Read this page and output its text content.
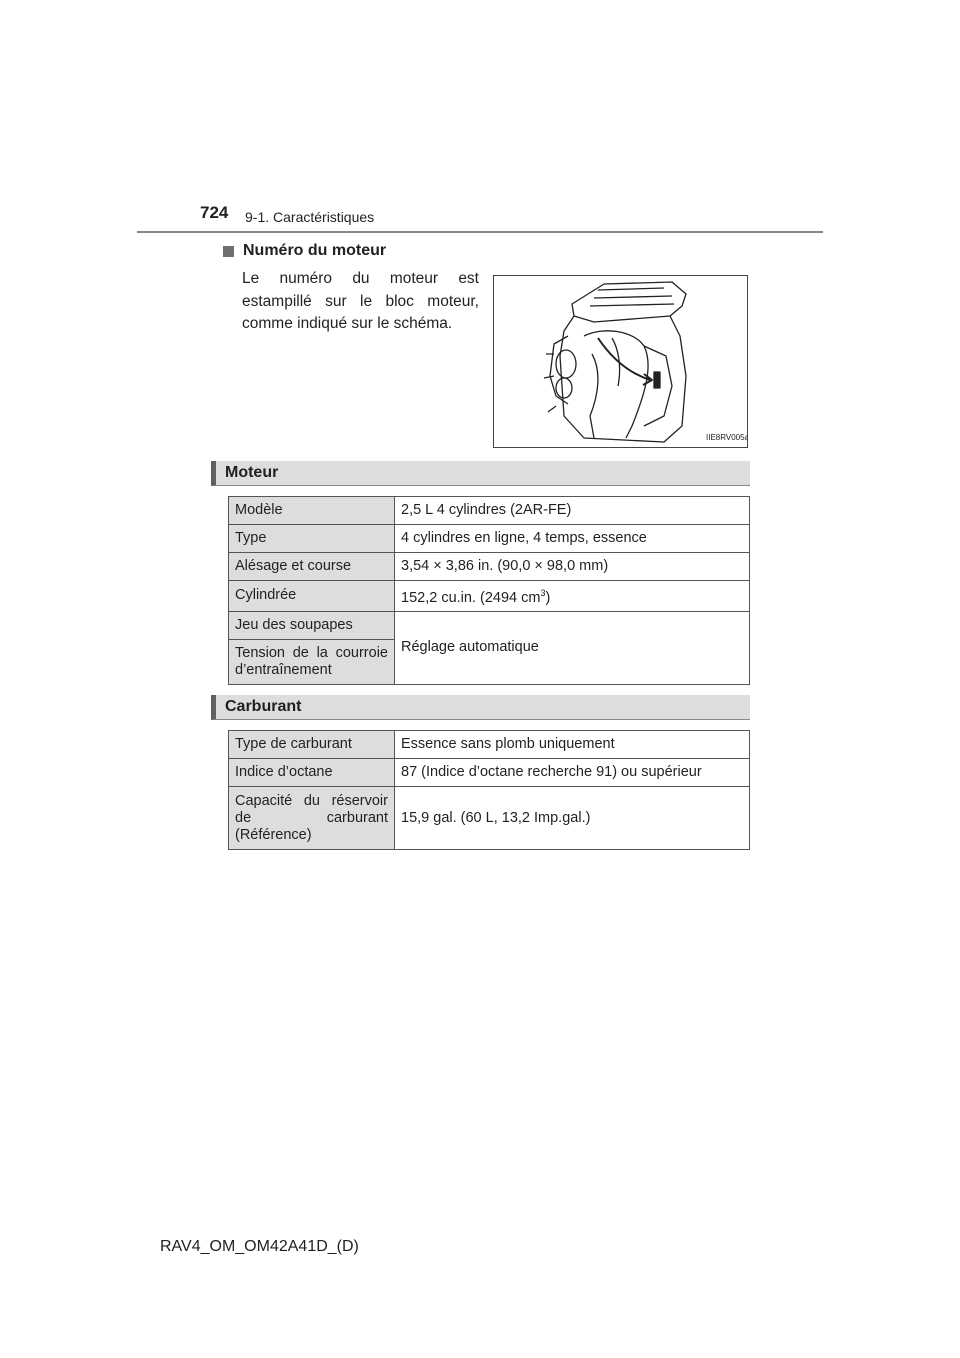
724 9-1. Caractéristiques
Numéro du moteur
Le numéro du moteur est estampillé sur le bloc moteur, comme indiqué sur le schéma.
IIE8RV005a
Moteur
Modèle	2,5 L 4 cylindres (2AR-FE)
Type	4 cylindres en ligne, 4 temps, essence
Alésage et course	3,54 × 3,86 in. (90,0 × 98,0 mm)
Cylindrée	152,2 cu.in. (2494 $cm^3$)
Jeu des soupapes	Réglage automatique
Tension de la courroie d’entraînement	
Carburant
Type de carburant	Essence sans plomb uniquement
Indice d’octane	87 (Indice d’octane recherche 91) ou supérieur
Capacité du réservoir de carburant (Référence)	15,9 gal. (60 L, 13,2 Imp.gal.)
RAV4_OM_OM42A41D_(D)
